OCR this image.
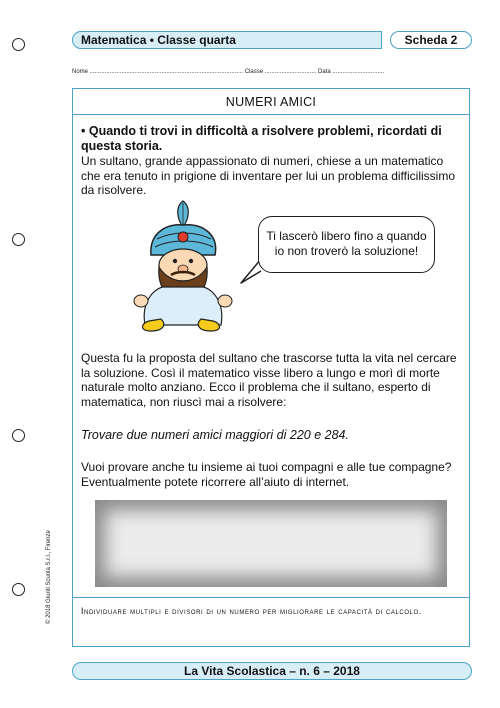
Matematica • Classe quarta	Scheda 2
Nome ............................................................................................ Classe ............................... Data ...............................
NUMERI AMICI
• Quando ti trovi in difficoltà a risolvere problemi, ricordati di questa storia.
Un sultano, grande appassionato di numeri, chiese a un matematico che era tenuto in prigione di inventare per lui un problema difficilissimo da risolvere.
Ti lascerò libero fino a quando
io non troverò la soluzione!
Questa fu la proposta del sultano che trascorse tutta la vita nel cercare la soluzione. Così il matematico visse libero a lungo e morì di morte naturale molto anziano. Ecco il problema che il sultano, esperto di matematica, non riuscì mai a risolvere:
Trovare due numeri amici maggiori di 220 e 284.
Vuoi provare anche tu insieme ai tuoi compagni e alle tue compagne? Eventualmente potete ricorrere all’aiuto di internet.
Individuare multipli e divisori di un numero per migliorare le capacità di calcolo.
© 2018 Giunti Scuola S.r.l., Firenze
La Vita Scolastica – n. 6 – 2018
